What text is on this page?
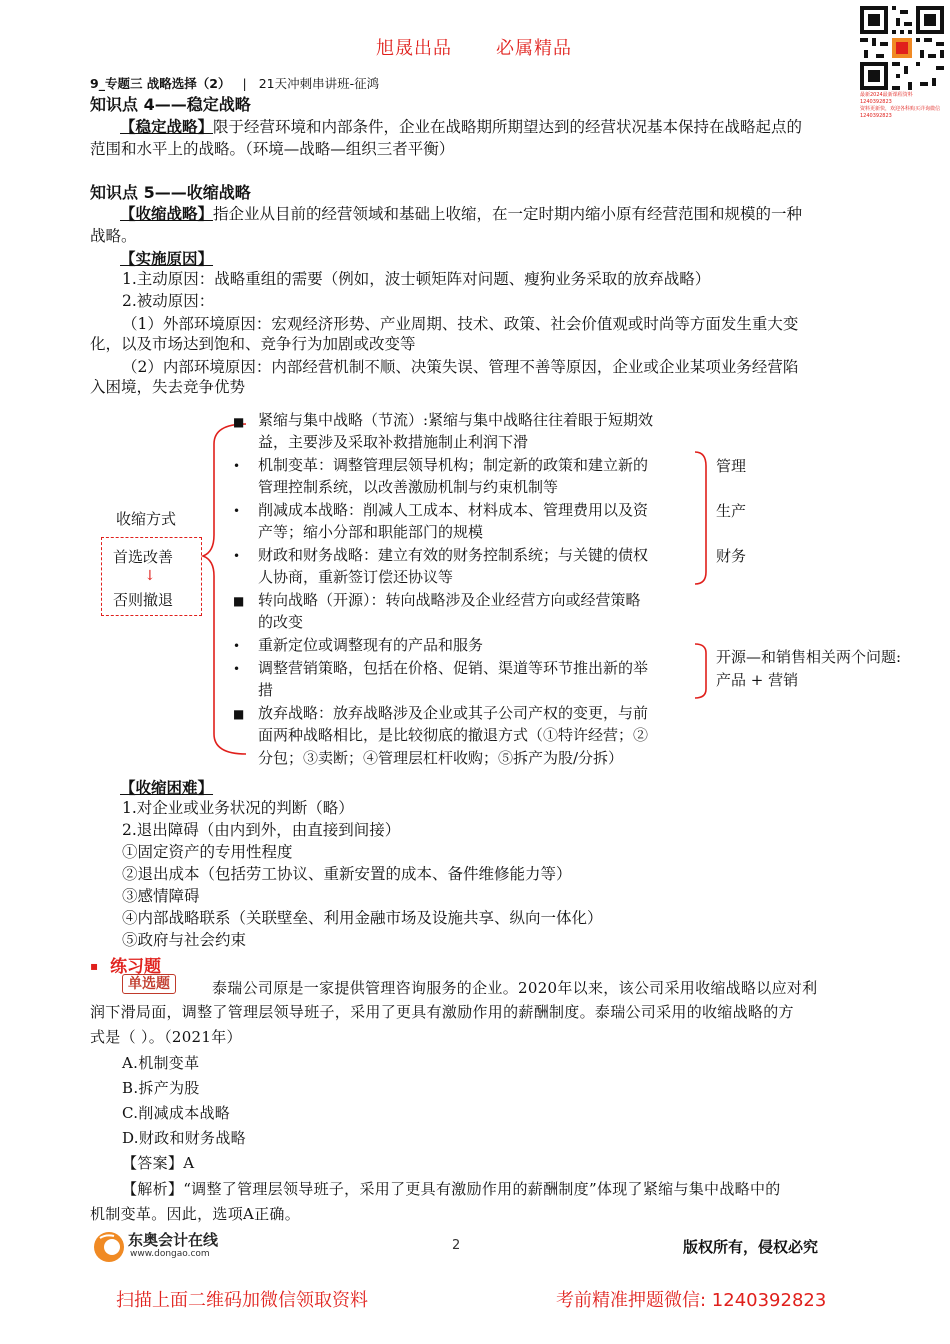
旭晟出品 必属精品
最新2024最新课程资料 1240392823
资料更新快，欢迎各科购买详询微信 1240392823
9_专题三 战略选择（2） | 21天冲刺串讲班-征鸿
知识点 4——稳定战略
【稳定战略】限于经营环境和内部条件，企业在战略期所期望达到的经营状况基本保持在战略起点的
范围和水平上的战略。（环境—战略—组织三者平衡）
知识点 5——收缩战略
【收缩战略】指企业从目前的经营领域和基础上收缩，在一定时期内缩小原有经营范围和规模的一种
战略。
【实施原因】
1.主动原因：战略重组的需要（例如，波士顿矩阵对问题、瘦狗业务采取的放弃战略）
2.被动原因：
（1）外部环境原因：宏观经济形势、产业周期、技术、政策、社会价值观或时尚等方面发生重大变
化，以及市场达到饱和、竞争行为加剧或改变等
（2）内部环境原因：内部经营机制不顺、决策失误、管理不善等原因，企业或企业某项业务经营陷
入困境，失去竞争优势
收缩方式
首选改善
↓
否则撤退
■
•
•
•
■
•
•
■
紧缩与集中战略（节流）:紧缩与集中战略往往着眼于短期效
益，主要涉及采取补救措施制止利润下滑
机制变革：调整管理层领导机构；制定新的政策和建立新的
管理控制系统，以改善激励机制与约束机制等
削减成本战略：削减人工成本、材料成本、管理费用以及资
产等；缩小分部和职能部门的规模
财政和财务战略：建立有效的财务控制系统；与关键的债权
人协商，重新签订偿还协议等
转向战略（开源）：转向战略涉及企业经营方向或经营策略
的改变
重新定位或调整现有的产品和服务
调整营销策略，包括在价格、促销、渠道等环节推出新的举
措
放弃战略：放弃战略涉及企业或其子公司产权的变更，与前
面两种战略相比，是比较彻底的撤退方式（①特许经营；②
分包；③卖断；④管理层杠杆收购；⑤拆产为股/分拆）
管理
生产
财务
开源—和销售相关两个问题:
产品 + 营销
【收缩困难】
1.对企业或业务状况的判断（略）
2.退出障碍（由内到外，由直接到间接）
①固定资产的专用性程度
②退出成本（包括劳工协议、重新安置的成本、备件维修能力等）
③感情障碍
④内部战略联系（关联壁垒、利用金融市场及设施共享、纵向一体化）
⑤政府与社会约束
▪ 练习题
单选题	泰瑞公司原是一家提供管理咨询服务的企业。2020年以来，该公司采用收缩战略以应对利
润下滑局面，调整了管理层领导班子，采用了更具有激励作用的薪酬制度。泰瑞公司采用的收缩战略的方
式是（ ）。（2021年）
A.机制变革
B.拆产为股
C.削减成本战略
D.财政和财务战略
【答案】A
【解析】“调整了管理层领导班子，采用了更具有激励作用的薪酬制度”体现了紧缩与集中战略中的
机制变革。因此，选项A正确。
东奥会计在线
www.dongao.com
2	版权所有，侵权必究
扫描上面二维码加微信领取资料	考前精准押题微信: 1240392823
